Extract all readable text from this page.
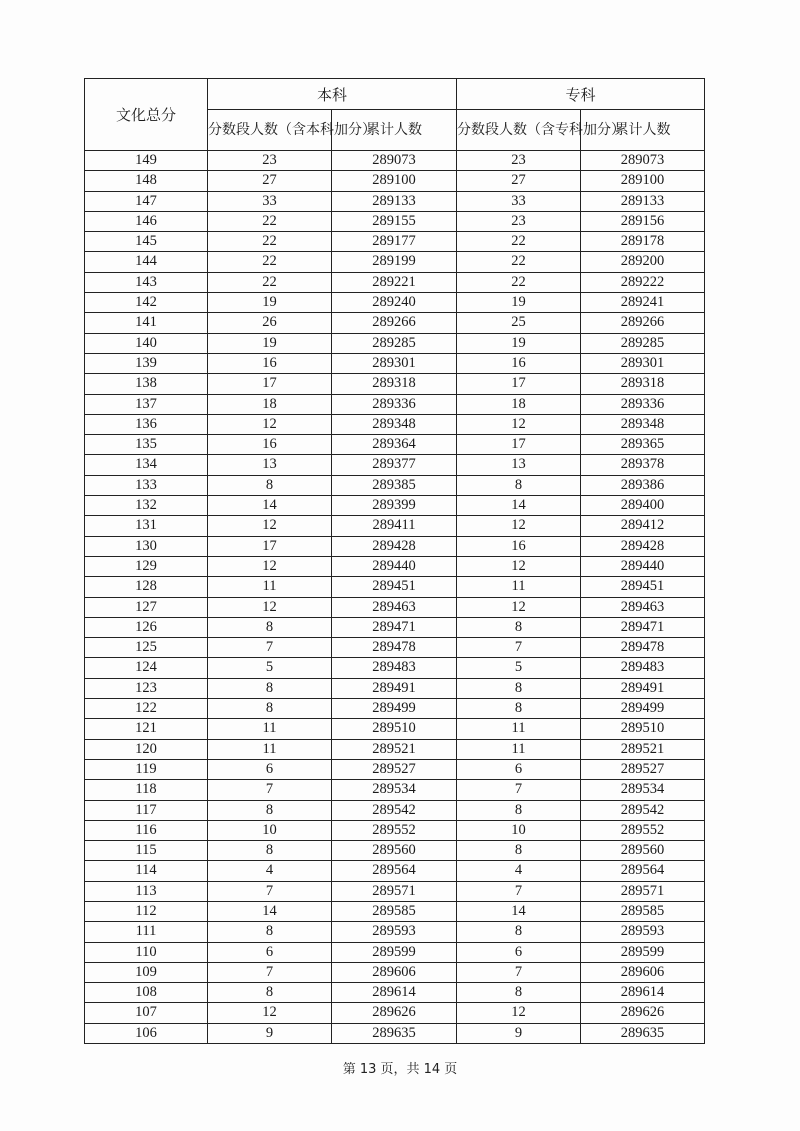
文化总分	本科		专科	
	分数段人数（含本科加分）	累计人数	分数段人数（含专科加分）	累计人数
149	23	289073	23	289073
148	27	289100	27	289100
147	33	289133	33	289133
146	22	289155	23	289156
145	22	289177	22	289178
144	22	289199	22	289200
143	22	289221	22	289222
142	19	289240	19	289241
141	26	289266	25	289266
140	19	289285	19	289285
139	16	289301	16	289301
138	17	289318	17	289318
137	18	289336	18	289336
136	12	289348	12	289348
135	16	289364	17	289365
134	13	289377	13	289378
133	8	289385	8	289386
132	14	289399	14	289400
131	12	289411	12	289412
130	17	289428	16	289428
129	12	289440	12	289440
128	11	289451	11	289451
127	12	289463	12	289463
126	8	289471	8	289471
125	7	289478	7	289478
124	5	289483	5	289483
123	8	289491	8	289491
122	8	289499	8	289499
121	11	289510	11	289510
120	11	289521	11	289521
119	6	289527	6	289527
118	7	289534	7	289534
117	8	289542	8	289542
116	10	289552	10	289552
115	8	289560	8	289560
114	4	289564	4	289564
113	7	289571	7	289571
112	14	289585	14	289585
111	8	289593	8	289593
110	6	289599	6	289599
109	7	289606	7	289606
108	8	289614	8	289614
107	12	289626	12	289626
106	9	289635	9	289635
第 13 页，共 14 页
